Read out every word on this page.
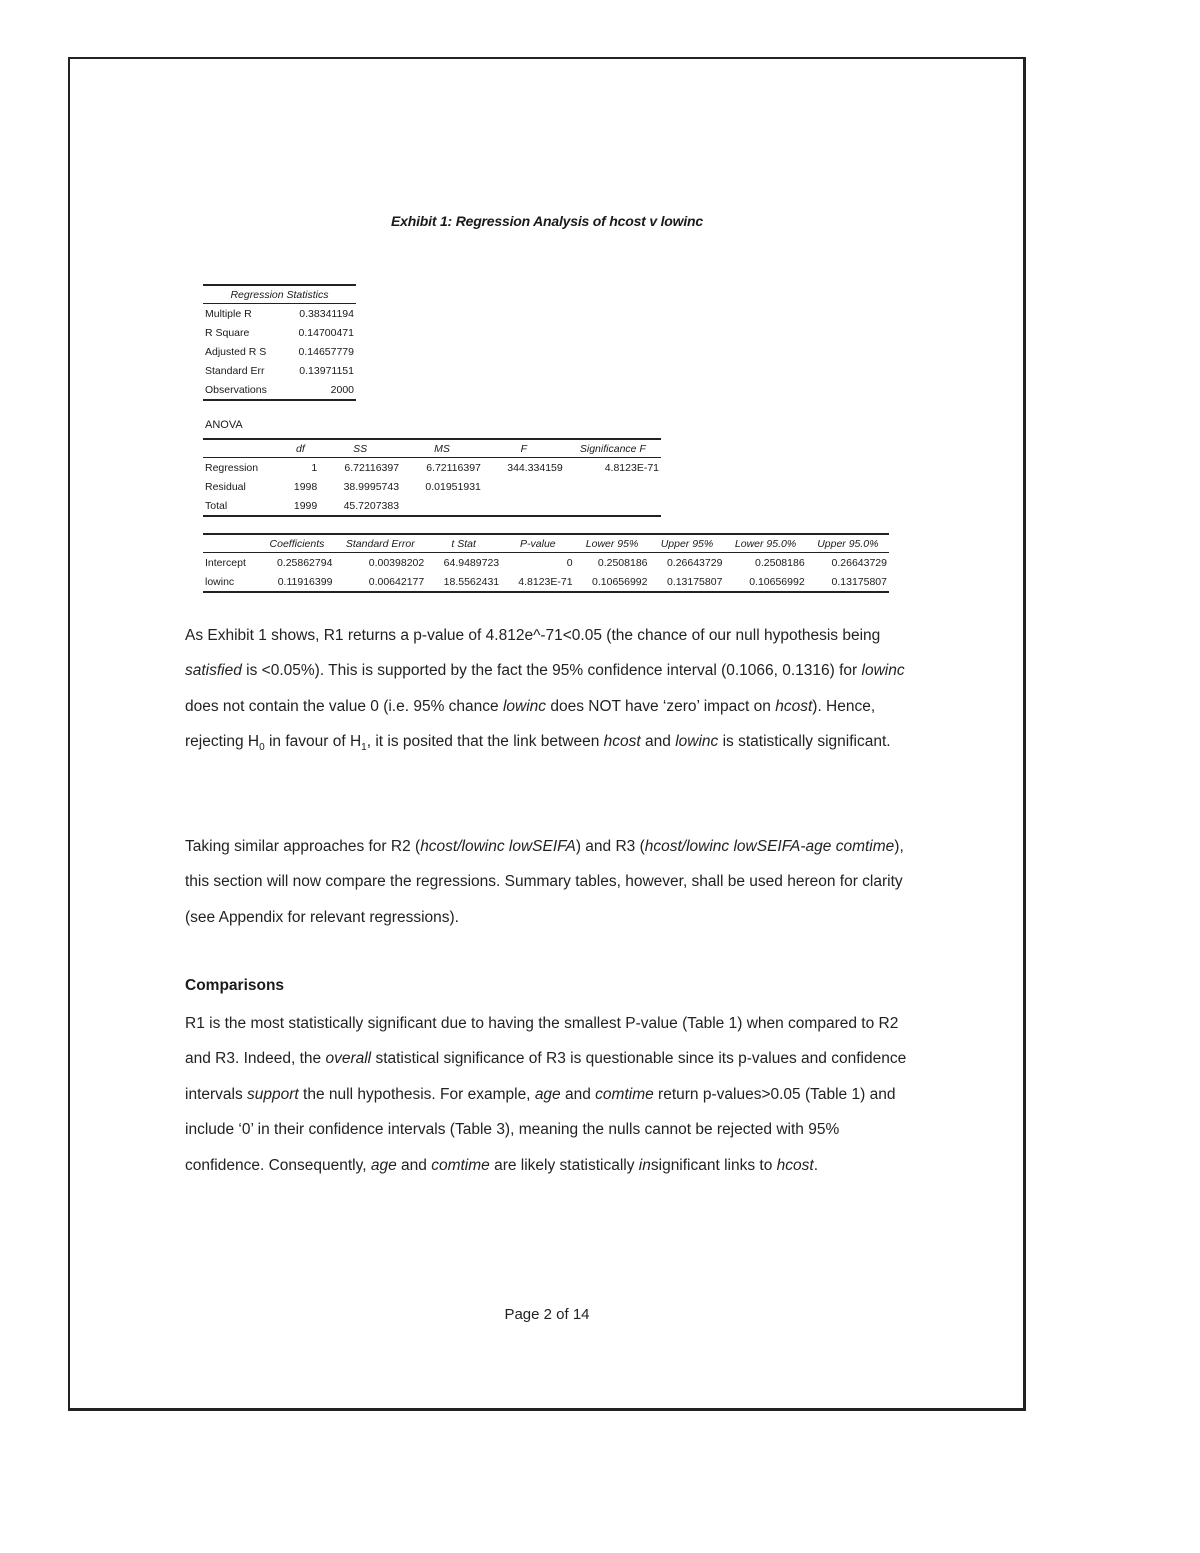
Exhibit 1: Regression Analysis of hcost v lowinc
Regression Statistics	
Multiple R	0.38341194
R Square	0.14700471
Adjusted R S	0.14657779
Standard Err	0.13971151
Observations	2000
ANOVA
	df	SS	MS	F	Significance F
Regression	1	6.72116397	6.72116397	344.334159	4.8123E-71
Residual	1998	38.9995743	0.01951931		
Total	1999	45.7207383			
	Coefficients	Standard Error	t Stat	P-value	Lower 95%	Upper 95%	Lower 95.0%	Upper 95.0%
Intercept	0.25862794	0.00398202	64.9489723	0	0.2508186	0.26643729	0.2508186	0.26643729
lowinc	0.11916399	0.00642177	18.5562431	4.8123E-71	0.10656992	0.13175807	0.10656992	0.13175807
As Exhibit 1 shows, R1 returns a p-value of 4.812e^-71<0.05 (the chance of our null hypothesis being satisfied is <0.05%). This is supported by the fact the 95% confidence interval (0.1066, 0.1316) for lowinc does not contain the value 0 (i.e. 95% chance lowinc does NOT have ‘zero’ impact on hcost). Hence, rejecting $H_0$ in favour of $H_1$, it is posited that the link between hcost and lowinc is statistically significant.
Taking similar approaches for R2 (hcost/lowinc lowSEIFA) and R3 (hcost/lowinc lowSEIFA-age comtime), this section will now compare the regressions. Summary tables, however, shall be used hereon for clarity (see Appendix for relevant regressions).
Comparisons
R1 is the most statistically significant due to having the smallest P-value (Table 1) when compared to R2 and R3. Indeed, the overall statistical significance of R3 is questionable since its p-values and confidence intervals support the null hypothesis. For example, age and comtime return p-values>0.05 (Table 1) and include ‘0’ in their confidence intervals (Table 3), meaning the nulls cannot be rejected with 95% confidence. Consequently, age and comtime are likely statistically insignificant links to hcost.
Page 2 of 14
